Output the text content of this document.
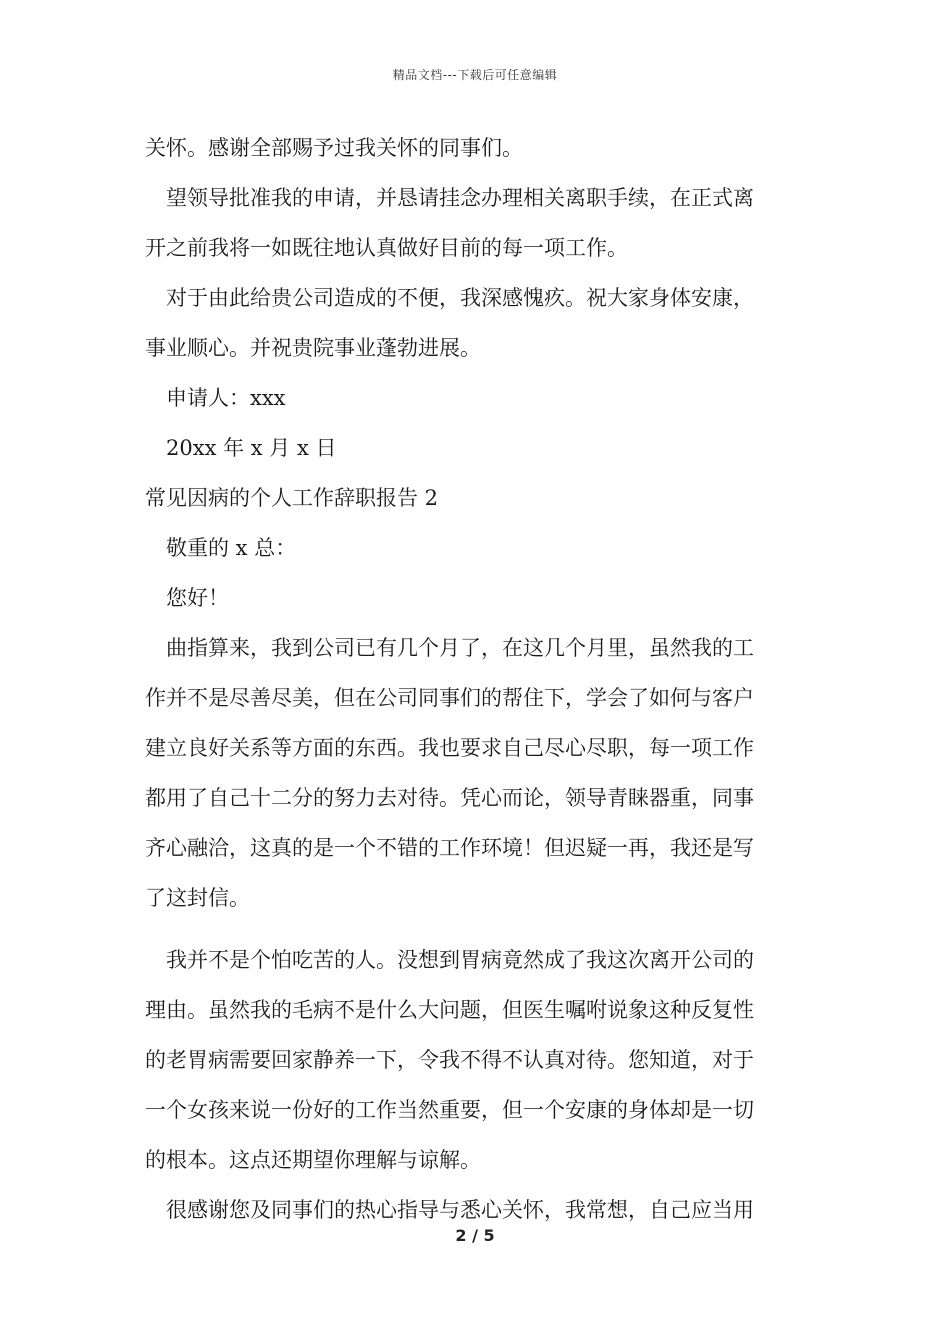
精品文档---下载后可任意编辑
关怀。感谢全部赐予过我关怀的同事们。
望领导批准我的申请，并恳请挂念办理相关离职手续，在正式离
开之前我将一如既往地认真做好目前的每一项工作。
对于由此给贵公司造成的不便，我深感愧疚。祝大家身体安康，
事业顺心。并祝贵院事业蓬勃进展。
申请人：xxx
20xx 年 x 月 x 日
常见因病的个人工作辞职报告 2
敬重的 x 总：
您好！
曲指算来，我到公司已有几个月了，在这几个月里，虽然我的工
作并不是尽善尽美，但在公司同事们的帮住下，学会了如何与客户
建立良好关系等方面的东西。我也要求自己尽心尽职，每一项工作
都用了自己十二分的努力去对待。凭心而论，领导青睐器重，同事
齐心融洽，这真的是一个不错的工作环境！但迟疑一再，我还是写
了这封信。
我并不是个怕吃苦的人。没想到胃病竟然成了我这次离开公司的
理由。虽然我的毛病不是什么大问题，但医生嘱咐说象这种反复性
的老胃病需要回家静养一下，令我不得不认真对待。您知道，对于
一个女孩来说一份好的工作当然重要，但一个安康的身体却是一切
的根本。这点还期望你理解与谅解。
很感谢您及同事们的热心指导与悉心关怀，我常想，自己应当用
2 / 5
